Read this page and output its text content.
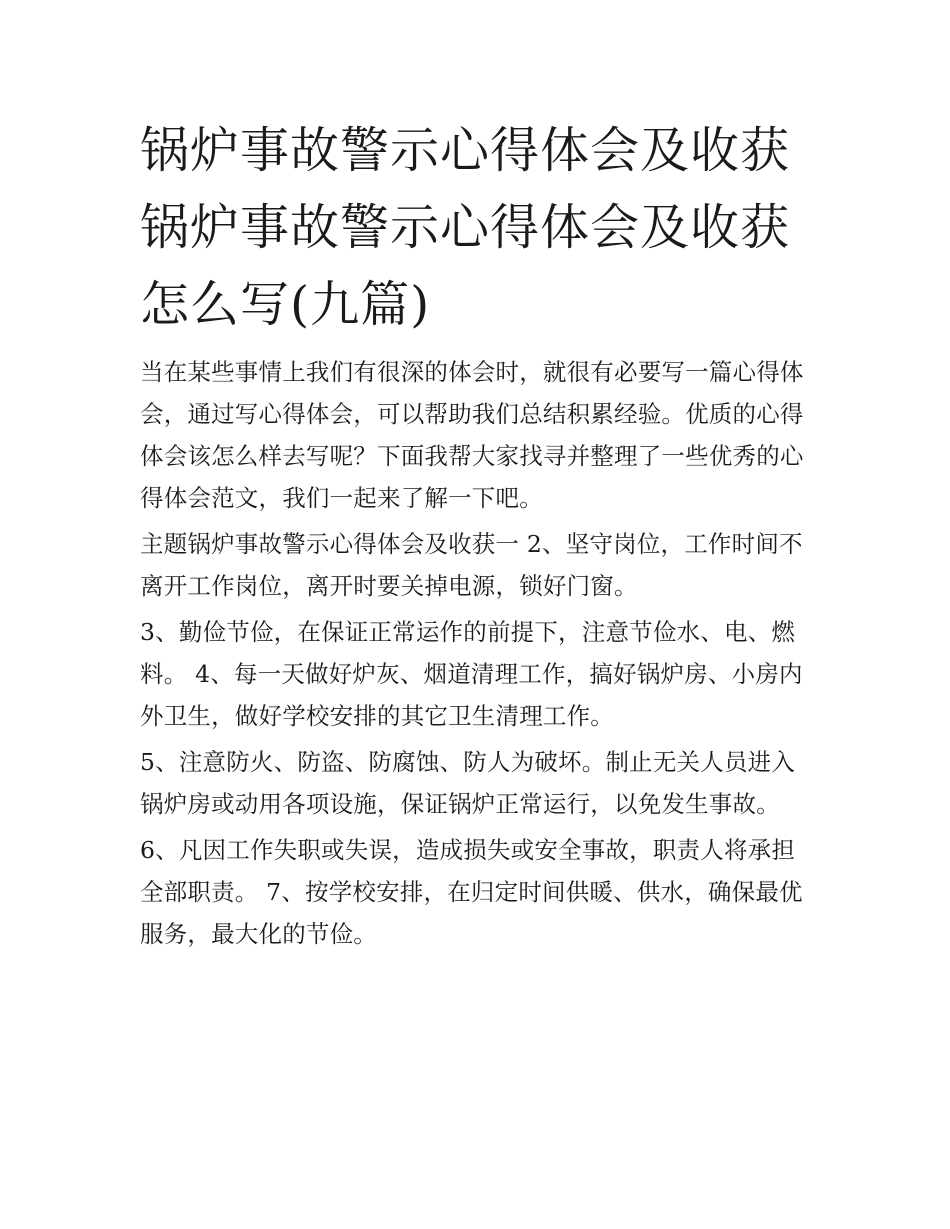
锅炉事故警示心得体会及收获锅炉事故警示心得体会及收获怎么写(九篇)

当在某些事情上我们有很深的体会时，就很有必要写一篇心得体会，通过写心得体会，可以帮助我们总结积累经验。优质的心得体会该怎么样去写呢？下面我帮大家找寻并整理了一些优秀的心得体会范文，我们一起来了解一下吧。

主题锅炉事故警示心得体会及收获一 2、坚守岗位，工作时间不离开工作岗位，离开时要关掉电源，锁好门窗。

3、勤俭节俭，在保证正常运作的前提下，注意节俭水、电、燃料。 4、每一天做好炉灰、烟道清理工作，搞好锅炉房、小房内外卫生，做好学校安排的其它卫生清理工作。

5、注意防火、防盗、防腐蚀、防人为破坏。制止无关人员进入锅炉房或动用各项设施，保证锅炉正常运行，以免发生事故。

6、凡因工作失职或失误，造成损失或安全事故，职责人将承担全部职责。 7、按学校安排，在归定时间供暖、供水，确保最优服务，最大化的节俭。
